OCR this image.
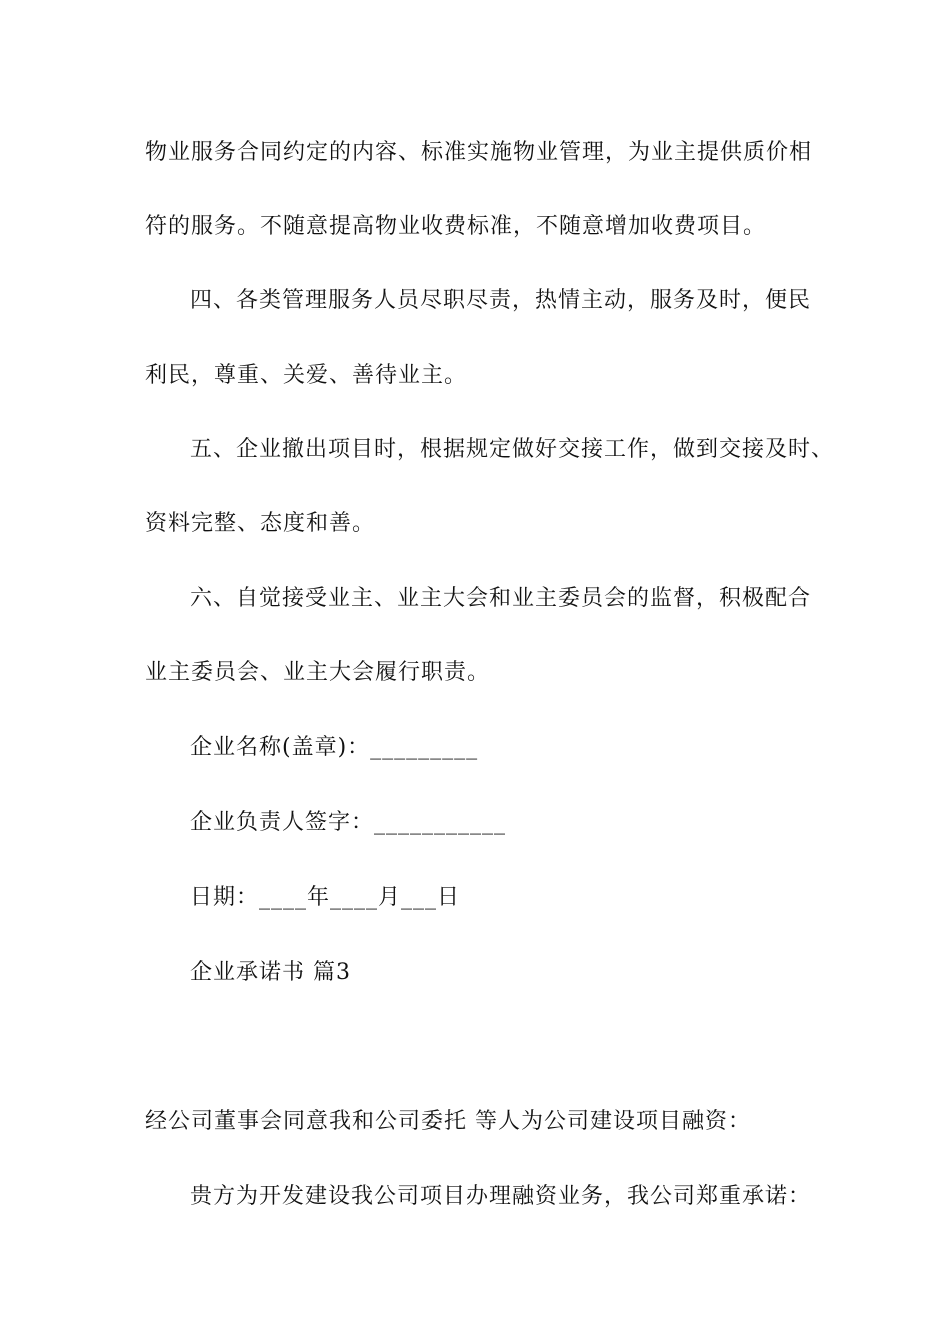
物业服务合同约定的内容、标准实施物业管理，为业主提供质价相
符的服务。不随意提高物业收费标准，不随意增加收费项目。
四、各类管理服务人员尽职尽责，热情主动，服务及时，便民
利民，尊重、关爱、善待业主。
五、企业撤出项目时，根据规定做好交接工作，做到交接及时、
资料完整、态度和善。
六、自觉接受业主、业主大会和业主委员会的监督，积极配合
业主委员会、业主大会履行职责。
企业名称(盖章)：_________
企业负责人签字：___________
日期：____年____月___日
企业承诺书 篇3
经公司董事会同意我和公司委托 等人为公司建设项目融资：
贵方为开发建设我公司项目办理融资业务，我公司郑重承诺：
